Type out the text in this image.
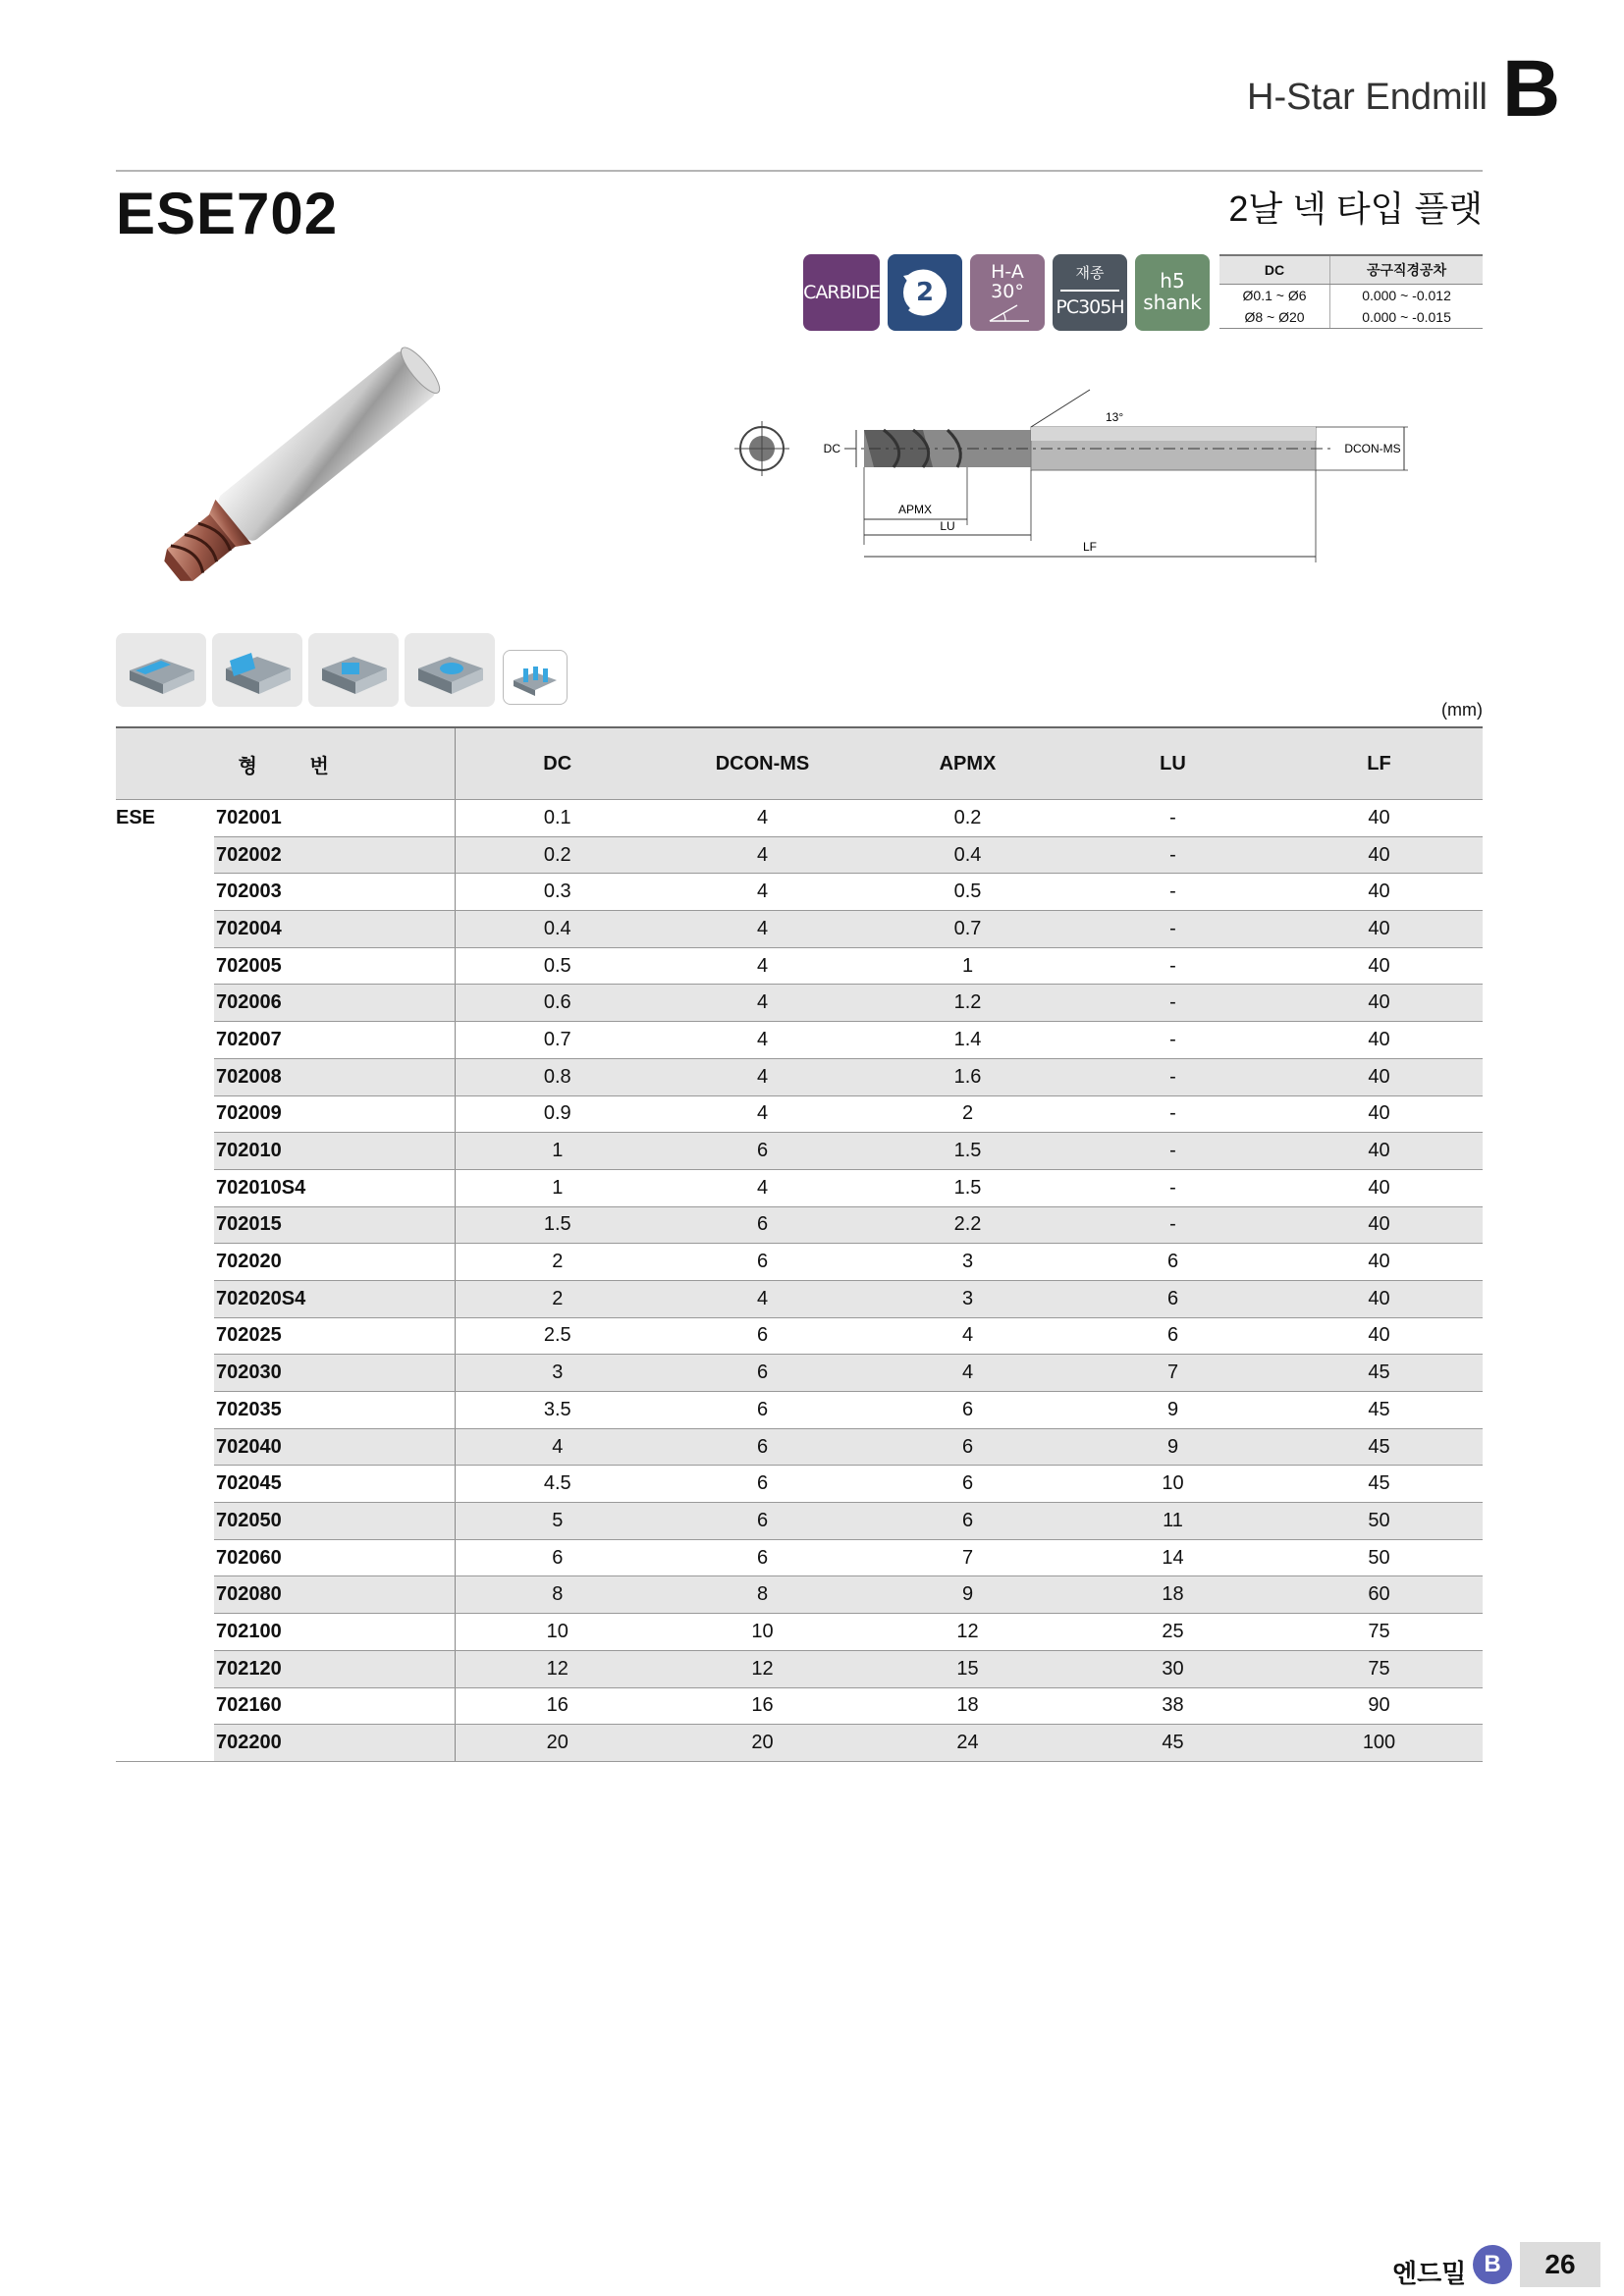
H-Star Endmill B
ESE702	2날 넥 타입 플랫
CARBIDE	2
H-A
30°
재종
PC305H
h5
shank
DC	공구직경공차
Ø0.1 ~ Ø6	0.000 ~ -0.012
Ø8 ~ Ø20	0.000 ~ -0.015
DC	DCON-MS
13°
APMX
LU
LF
(mm)
형 번		DC	DCON-MS	APMX	LU	LF
ESE	702001	0.1	4	0.2	-	40
	702002	0.2	4	0.4	-	40
	702003	0.3	4	0.5	-	40
	702004	0.4	4	0.7	-	40
	702005	0.5	4	1	-	40
	702006	0.6	4	1.2	-	40
	702007	0.7	4	1.4	-	40
	702008	0.8	4	1.6	-	40
	702009	0.9	4	2	-	40
	702010	1	6	1.5	-	40
	702010S4	1	4	1.5	-	40
	702015	1.5	6	2.2	-	40
	702020	2	6	3	6	40
	702020S4	2	4	3	6	40
	702025	2.5	6	4	6	40
	702030	3	6	4	7	45
	702035	3.5	6	6	9	45
	702040	4	6	6	9	45
	702045	4.5	6	6	10	45
	702050	5	6	6	11	50
	702060	6	6	7	14	50
	702080	8	8	9	18	60
	702100	10	10	12	25	75
	702120	12	12	15	30	75
	702160	16	16	18	38	90
	702200	20	20	24	45	100
엔드밀 B	26
